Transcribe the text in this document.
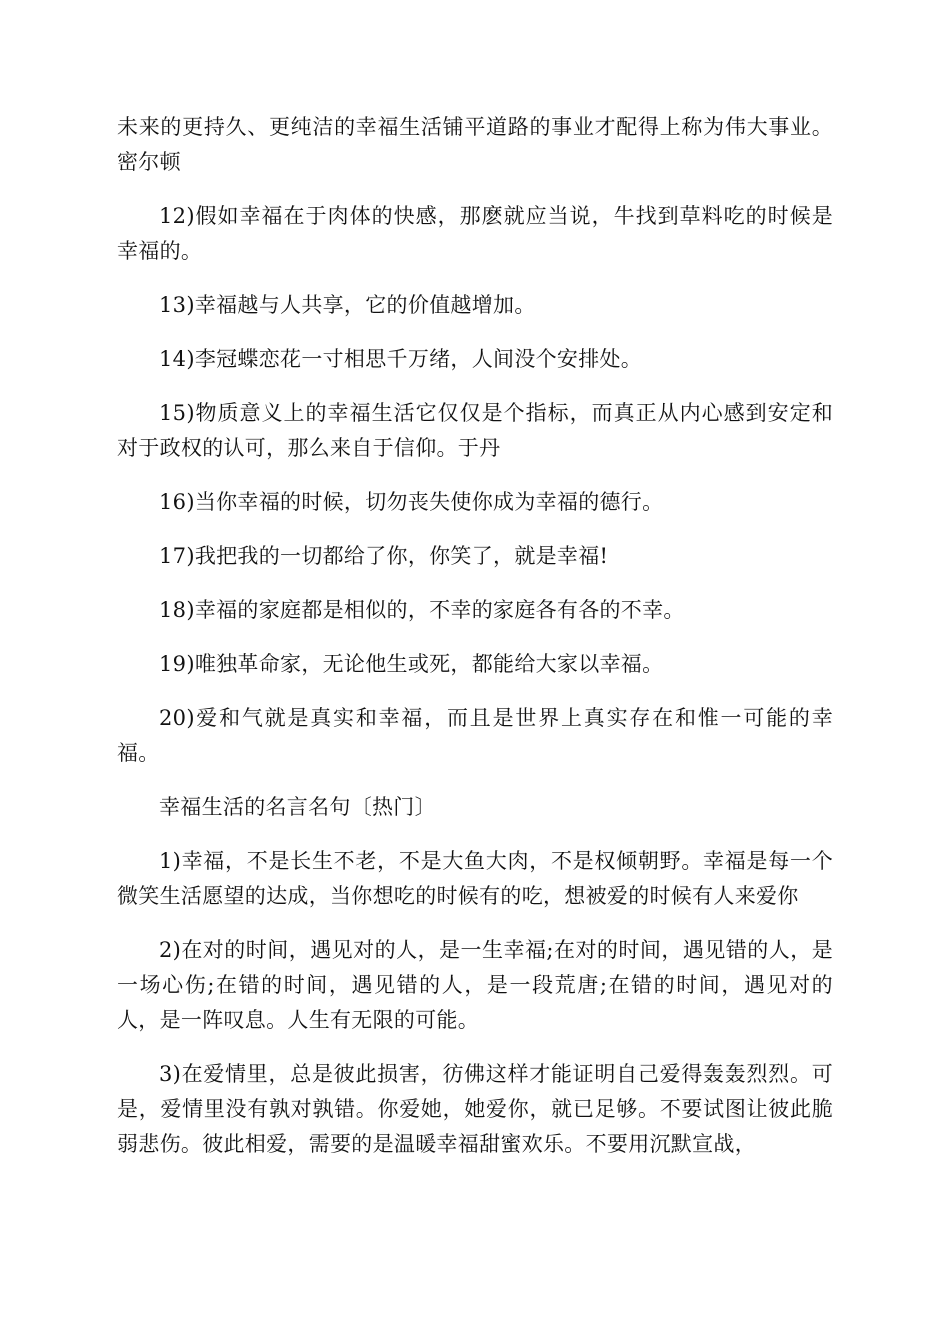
未来的更持久、更纯洁的幸福生活铺平道路的事业才配得上称为伟大事业。密尔顿

12)假如幸福在于肉体的快感，那麽就应当说，牛找到草料吃的时候是幸福的。

13)幸福越与人共享，它的价值越增加。

14)李冠蝶恋花一寸相思千万绪，人间没个安排处。

15)物质意义上的幸福生活它仅仅是个指标，而真正从内心感到安定和对于政权的认可，那么来自于信仰。于丹

16)当你幸福的时候，切勿丧失使你成为幸福的德行。

17)我把我的一切都给了你，你笑了，就是幸福!

18)幸福的家庭都是相似的，不幸的家庭各有各的不幸。

19)唯独革命家，无论他生或死，都能给大家以幸福。

20)爱和气就是真实和幸福，而且是世界上真实存在和惟一可能的幸福。

幸福生活的名言名句〔热门〕

1)幸福，不是长生不老，不是大鱼大肉，不是权倾朝野。幸福是每一个微笑生活愿望的达成，当你想吃的时候有的吃，想被爱的时候有人来爱你

2)在对的时间，遇见对的人，是一生幸福;在对的时间，遇见错的人，是一场心伤;在错的时间，遇见错的人，是一段荒唐;在错的时间，遇见对的人，是一阵叹息。人生有无限的可能。

3)在爱情里，总是彼此损害，彷佛这样才能证明自己爱得轰轰烈烈。可是，爱情里没有孰对孰错。你爱她，她爱你，就已足够。不要试图让彼此脆弱悲伤。彼此相爱，需要的是温暖幸福甜蜜欢乐。不要用沉默宣战，
